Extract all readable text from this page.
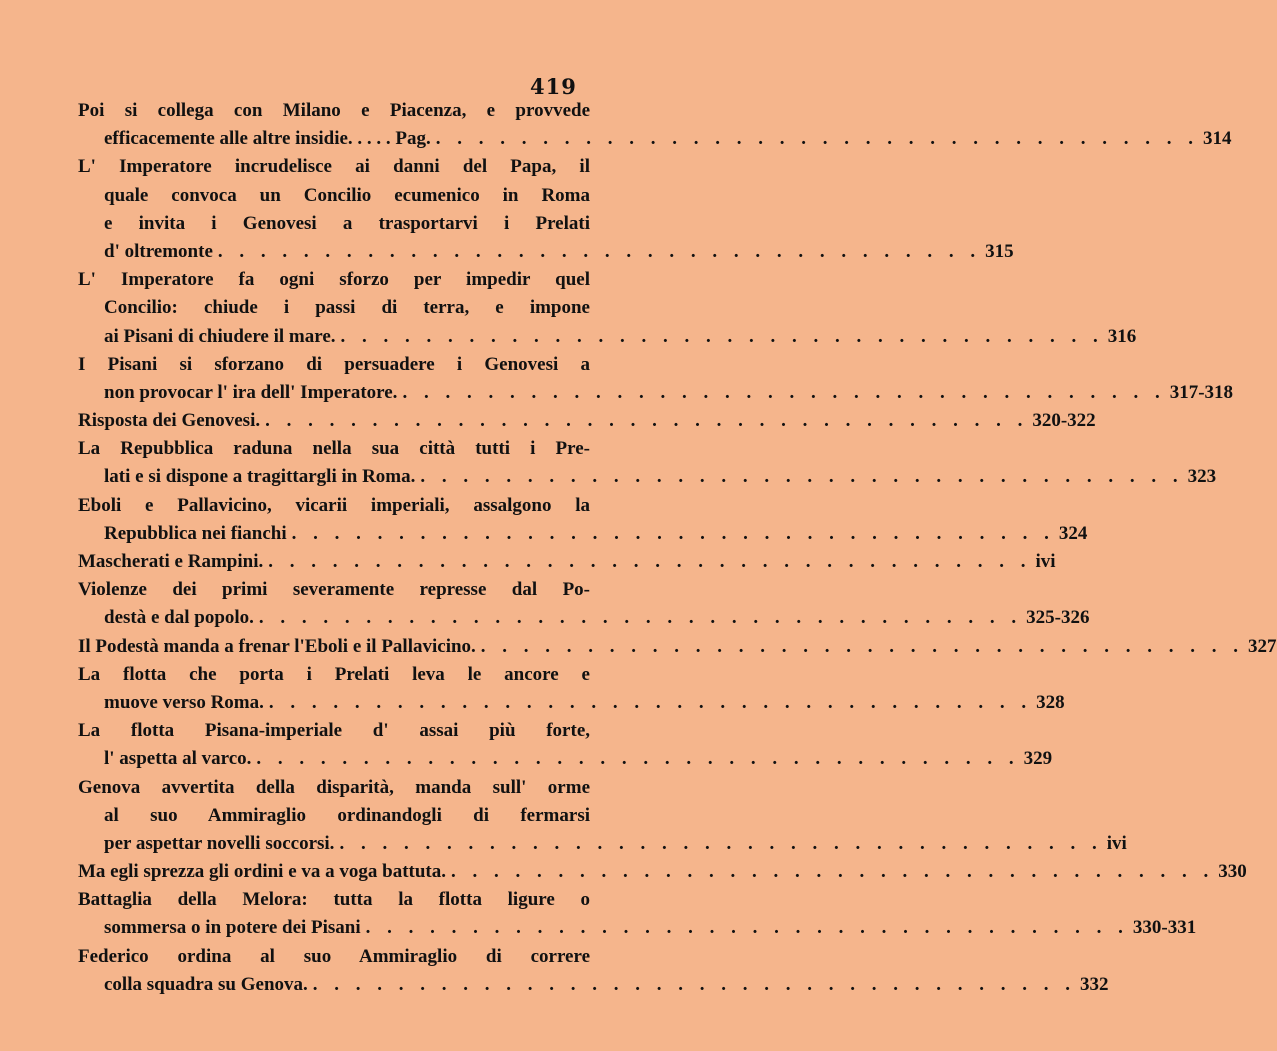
419
Poi si collega con Milano e Piacenza, e provvede
efficacemente alle altre insidie. . . . . Pag. . . . . . . . . . . . . . . . . . . . . . . . . . . . . . . . . . . . . 314
L' Imperatore incrudelisce ai danni del Papa, il
quale convoca un Concilio ecumenico in Roma
e invita i Genovesi a trasportarvi i Prelati
d' oltremonte . . . . . . . . . . . . . . . . . . . . . . . . . . . . . . . . . . . . 315
L' Imperatore fa ogni sforzo per impedir quel
Concilio: chiude i passi di terra, e impone
ai Pisani di chiudere il mare. . . . . . . . . . . . . . . . . . . . . . . . . . . . . . . . . . . . . 316
I Pisani si sforzano di persuadere i Genovesi a
non provocar l' ira dell' Imperatore. . . . . . . . . . . . . . . . . . . . . . . . . . . . . . . . . . . . . 317-318
Risposta dei Genovesi. . . . . . . . . . . . . . . . . . . . . . . . . . . . . . . . . . . . . 320-322
La Repubblica raduna nella sua città tutti i Pre-
lati e si dispone a tragittargli in Roma. . . . . . . . . . . . . . . . . . . . . . . . . . . . . . . . . . . . . 323
Eboli e Pallavicino, vicarii imperiali, assalgono la
Repubblica nei fianchi . . . . . . . . . . . . . . . . . . . . . . . . . . . . . . . . . . . . 324
Mascherati e Rampini. . . . . . . . . . . . . . . . . . . . . . . . . . . . . . . . . . . . . ivi
Violenze dei primi severamente represse dal Po-
destà e dal popolo. . . . . . . . . . . . . . . . . . . . . . . . . . . . . . . . . . . . . 325-326
Il Podestà manda a frenar l'Eboli e il Pallavicino. . . . . . . . . . . . . . . . . . . . . . . . . . . . . . . . . . . . . 327
La flotta che porta i Prelati leva le ancore e
muove verso Roma. . . . . . . . . . . . . . . . . . . . . . . . . . . . . . . . . . . . . 328
La flotta Pisana-imperiale d' assai più forte,
l' aspetta al varco. . . . . . . . . . . . . . . . . . . . . . . . . . . . . . . . . . . . . 329
Genova avvertita della disparità, manda sull' orme
al suo Ammiraglio ordinandogli di fermarsi
per aspettar novelli soccorsi. . . . . . . . . . . . . . . . . . . . . . . . . . . . . . . . . . . . . ivi
Ma egli sprezza gli ordini e va a voga battuta. . . . . . . . . . . . . . . . . . . . . . . . . . . . . . . . . . . . . 330
Battaglia della Melora: tutta la flotta ligure o
sommersa o in potere dei Pisani . . . . . . . . . . . . . . . . . . . . . . . . . . . . . . . . . . . . 330-331
Federico ordina al suo Ammiraglio di correre
colla squadra su Genova. . . . . . . . . . . . . . . . . . . . . . . . . . . . . . . . . . . . . 332
